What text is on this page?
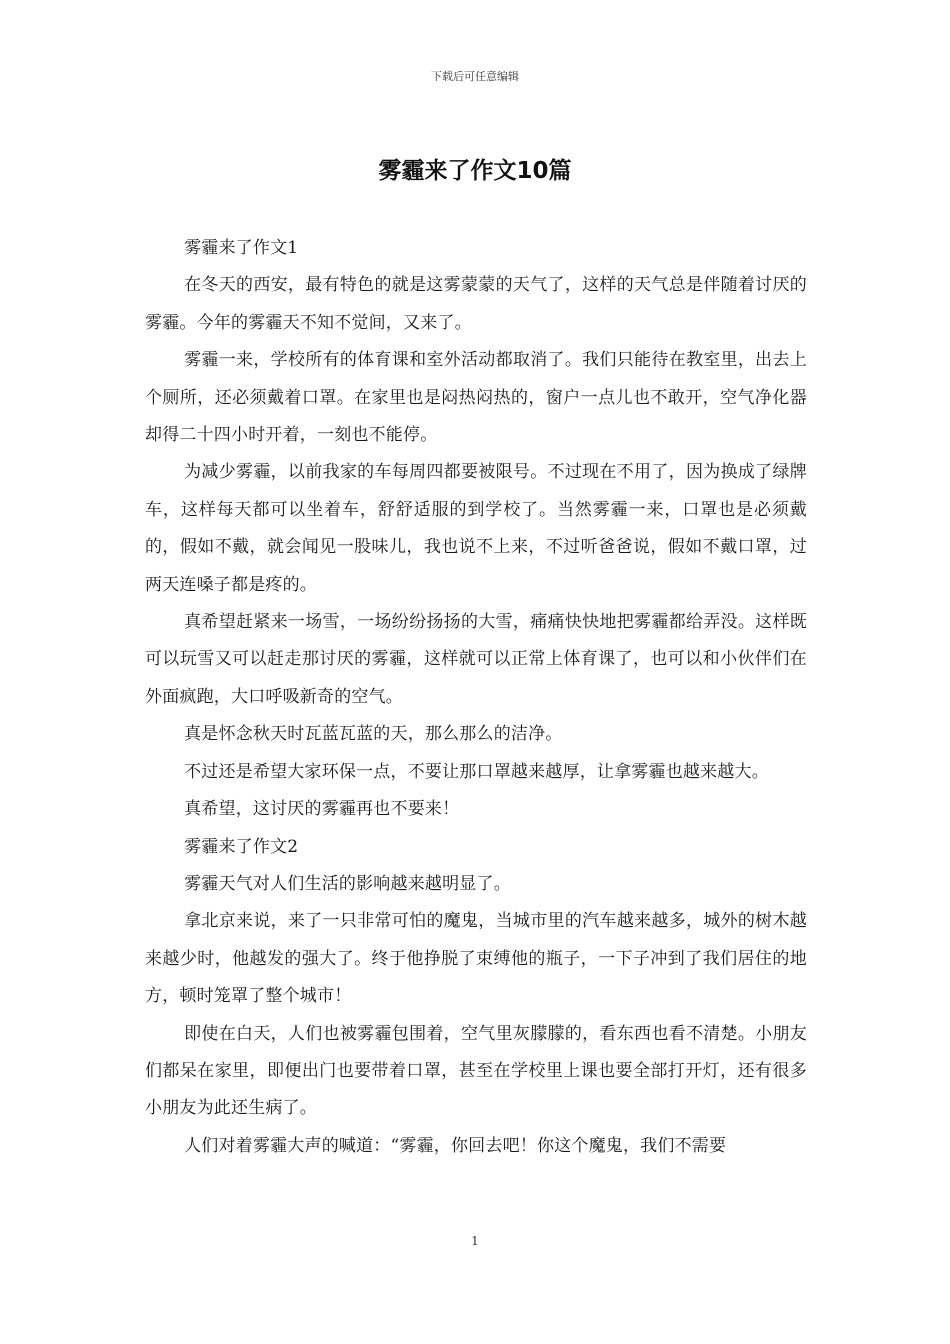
下载后可任意编辑
雾霾来了作文10篇

雾霾来了作文1

在冬天的西安，最有特色的就是这雾蒙蒙的天气了，这样的天气总是伴随着讨厌的雾霾。今年的雾霾天不知不觉间，又来了。

雾霾一来，学校所有的体育课和室外活动都取消了。我们只能待在教室里，出去上个厕所，还必须戴着口罩。在家里也是闷热闷热的，窗户一点儿也不敢开，空气净化器却得二十四小时开着，一刻也不能停。

为减少雾霾，以前我家的车每周四都要被限号。不过现在不用了，因为换成了绿牌车，这样每天都可以坐着车，舒舒适服的到学校了。当然雾霾一来，口罩也是必须戴的，假如不戴，就会闻见一股味儿，我也说不上来，不过听爸爸说，假如不戴口罩，过两天连嗓子都是疼的。

真希望赶紧来一场雪，一场纷纷扬扬的大雪，痛痛快快地把雾霾都给弄没。这样既可以玩雪又可以赶走那讨厌的雾霾，这样就可以正常上体育课了，也可以和小伙伴们在外面疯跑，大口呼吸新奇的空气。

真是怀念秋天时瓦蓝瓦蓝的天，那么那么的洁净。

不过还是希望大家环保一点，不要让那口罩越来越厚，让拿雾霾也越来越大。

真希望，这讨厌的雾霾再也不要来！

雾霾来了作文2

雾霾天气对人们生活的影响越来越明显了。

拿北京来说，来了一只非常可怕的魔鬼，当城市里的汽车越来越多，城外的树木越来越少时，他越发的强大了。终于他挣脱了束缚他的瓶子，一下子冲到了我们居住的地方，顿时笼罩了整个城市！

即使在白天，人们也被雾霾包围着，空气里灰朦朦的，看东西也看不清楚。小朋友们都呆在家里，即便出门也要带着口罩，甚至在学校里上课也要全部打开灯，还有很多小朋友为此还生病了。

人们对着雾霾大声的喊道：“雾霾，你回去吧！你这个魔鬼，我们不需要

1
